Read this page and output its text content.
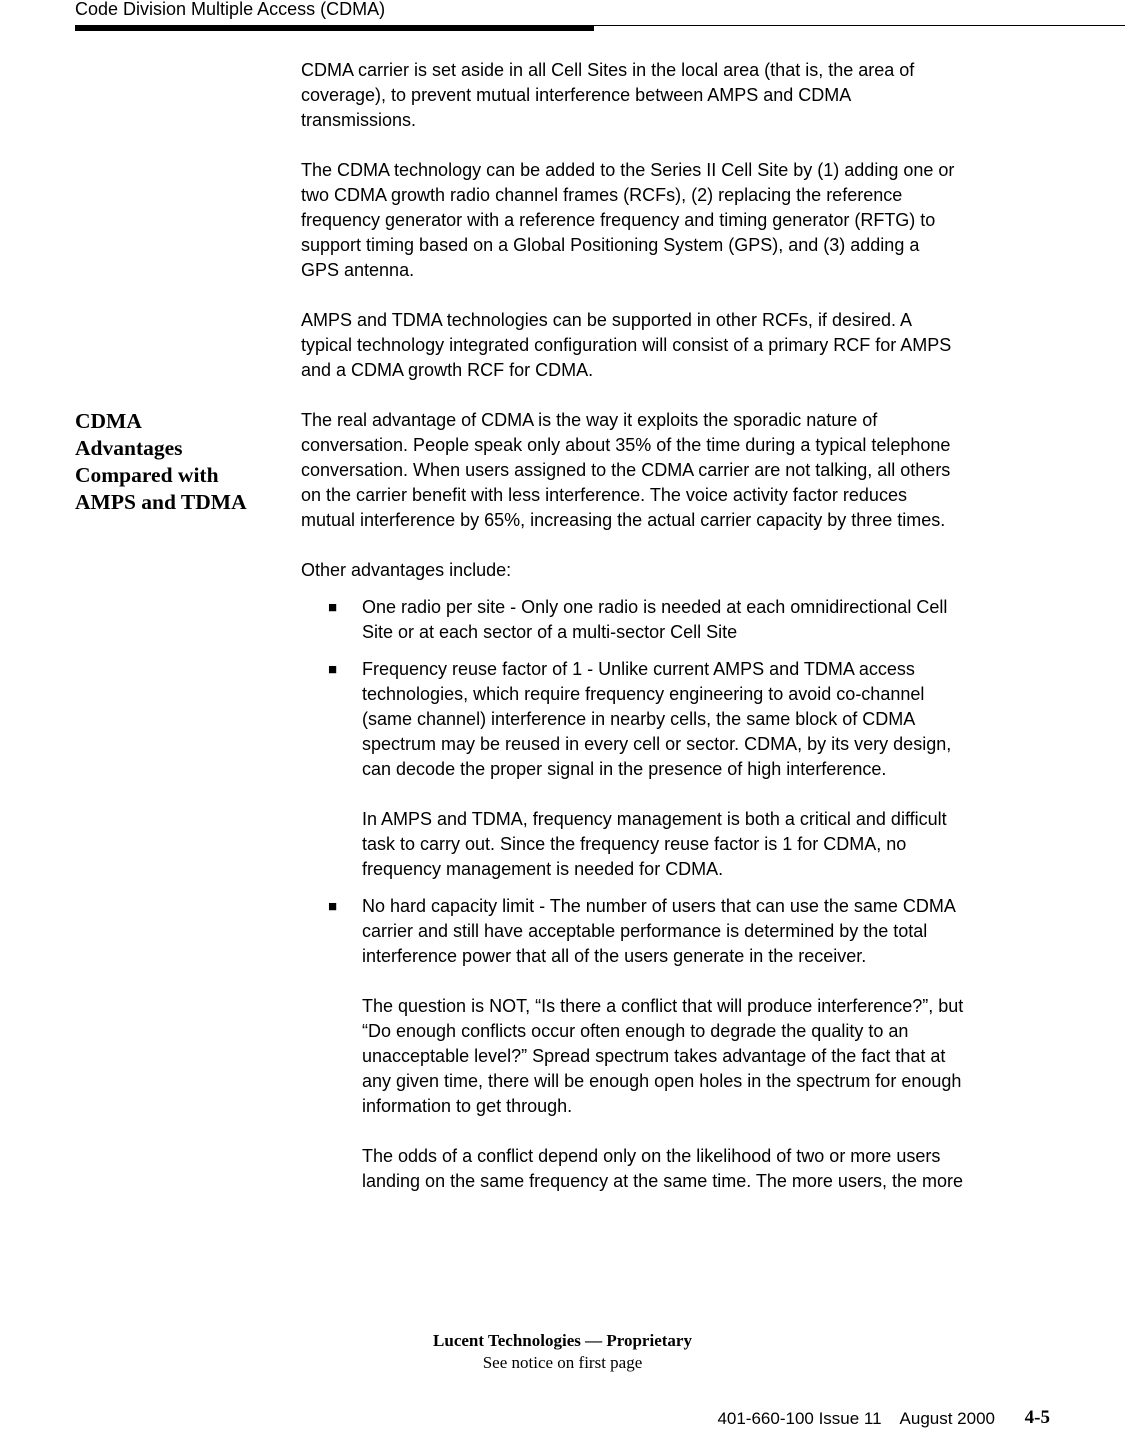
Code Division Multiple Access (CDMA)
CDMA
Advantages
Compared with
AMPS and TDMA

CDMA carrier is set aside in all Cell Sites in the local area (that is, the area of

coverage), to prevent mutual interference between AMPS and CDMA

transmissions.

The CDMA technology can be added to the Series II Cell Site by (1) adding one or

two CDMA growth radio channel frames (RCFs), (2) replacing the reference

frequency generator with a reference frequency and timing generator (RFTG) to

support timing based on a Global Positioning System (GPS), and (3) adding a

GPS antenna.

AMPS and TDMA technologies can be supported in other RCFs, if desired. A

typical technology integrated configuration will consist of a primary RCF for AMPS

and a CDMA growth RCF for CDMA.

The real advantage of CDMA is the way it exploits the sporadic nature of

conversation. People speak only about 35% of the time during a typical telephone

conversation. When users assigned to the CDMA carrier are not talking, all others

on the carrier benefit with less interference. The voice activity factor reduces

mutual interference by 65%, increasing the actual carrier capacity by three times.

Other advantages include:

■ One radio per site - Only one radio is needed at each omnidirectional Cell

Site or at each sector of a multi-sector Cell Site

■ Frequency reuse factor of 1 - Unlike current AMPS and TDMA access

technologies, which require frequency engineering to avoid co-channel

(same channel) interference in nearby cells, the same block of CDMA

spectrum may be reused in every cell or sector. CDMA, by its very design,

can decode the proper signal in the presence of high interference.

In AMPS and TDMA, frequency management is both a critical and difficult

task to carry out. Since the frequency reuse factor is 1 for CDMA, no

frequency management is needed for CDMA.

■ No hard capacity limit - The number of users that can use the same CDMA

carrier and still have acceptable performance is determined by the total

interference power that all of the users generate in the receiver.

The question is NOT, “Is there a conflict that will produce interference?”, but

“Do enough conflicts occur often enough to degrade the quality to an

unacceptable level?” Spread spectrum takes advantage of the fact that at

any given time, there will be enough open holes in the spectrum for enough

information to get through.

The odds of a conflict depend only on the likelihood of two or more users

landing on the same frequency at the same time. The more users, the more

Lucent Technologies — Proprietary
See notice on first page
401-660-100 Issue 11    August 2000 4-5
